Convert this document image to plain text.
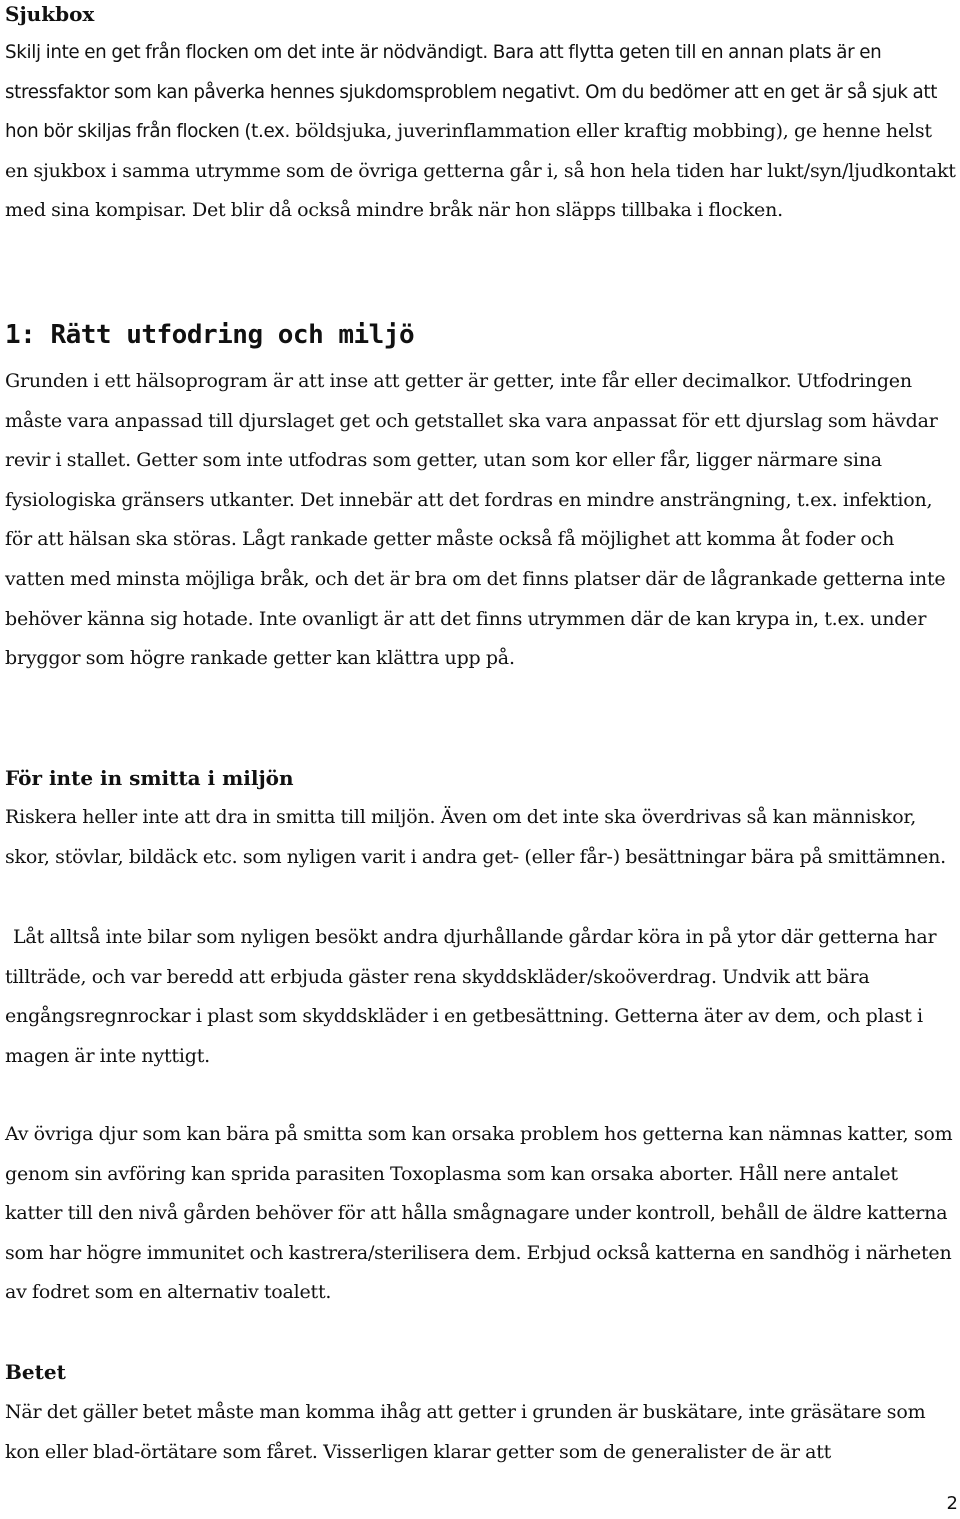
Sjukbox

Skilj inte en get från flocken om det inte är nödvändigt. Bara att flytta geten till en annan plats är en stressfaktor som kan påverka hennes sjukdomsproblem negativt. Om du bedömer att en get är så sjuk att hon bör skiljas från flocken (t.ex. böldsjuka, juverinflammation eller kraftig mobbing), ge henne helst en sjukbox i samma utrymme som de övriga getterna går i, så hon hela tiden har lukt/syn/ljudkontakt med sina kompisar. Det blir då också mindre bråk när hon släpps tillbaka i flocken.

1: Rätt utfodring och miljö

Grunden i ett hälsoprogram är att inse att getter är getter, inte får eller decimalkor. Utfodringen måste vara anpassad till djurslaget get och getstallet ska vara anpassat för ett djurslag som hävdar revir i stallet. Getter som inte utfodras som getter, utan som kor eller får, ligger närmare sina fysiologiska gränsers utkanter. Det innebär att det fordras en mindre ansträngning, t.ex. infektion, för att hälsan ska störas. Lågt rankade getter måste också få möjlighet att komma åt foder och vatten med minsta möjliga bråk, och det är bra om det finns platser där de lågrankade getterna inte behöver känna sig hotade. Inte ovanligt är att det finns utrymmen där de kan krypa in, t.ex. under bryggor som högre rankade getter kan klättra upp på.

För inte in smitta i miljön

Riskera heller inte att dra in smitta till miljön. Även om det inte ska överdrivas så kan människor, skor, stövlar, bildäck etc. som nyligen varit i andra get- (eller får-) besättningar bära på smittämnen.

Låt alltså inte bilar som nyligen besökt andra djurhållande gårdar köra in på ytor där getterna har tillträde, och var beredd att erbjuda gäster rena skyddskläder/skoöverdrag. Undvik att bära engångsregnrockar i plast som skyddskläder i en getbesättning. Getterna äter av dem, och plast i magen är inte nyttigt.

Av övriga djur som kan bära på smitta som kan orsaka problem hos getterna kan nämnas katter, som genom sin avföring kan sprida parasiten Toxoplasma som kan orsaka aborter. Håll nere antalet katter till den nivå gården behöver för att hålla smågnagare under kontroll, behåll de äldre katterna som har högre immunitet och kastrera/sterilisera dem. Erbjud också katterna en sandhög i närheten av fodret som en alternativ toalett.

Betet

När det gäller betet måste man komma ihåg att getter i grunden är buskätare, inte gräsätare som kon eller blad-örtätare som fåret. Visserligen klarar getter som de generalister de är att

2
